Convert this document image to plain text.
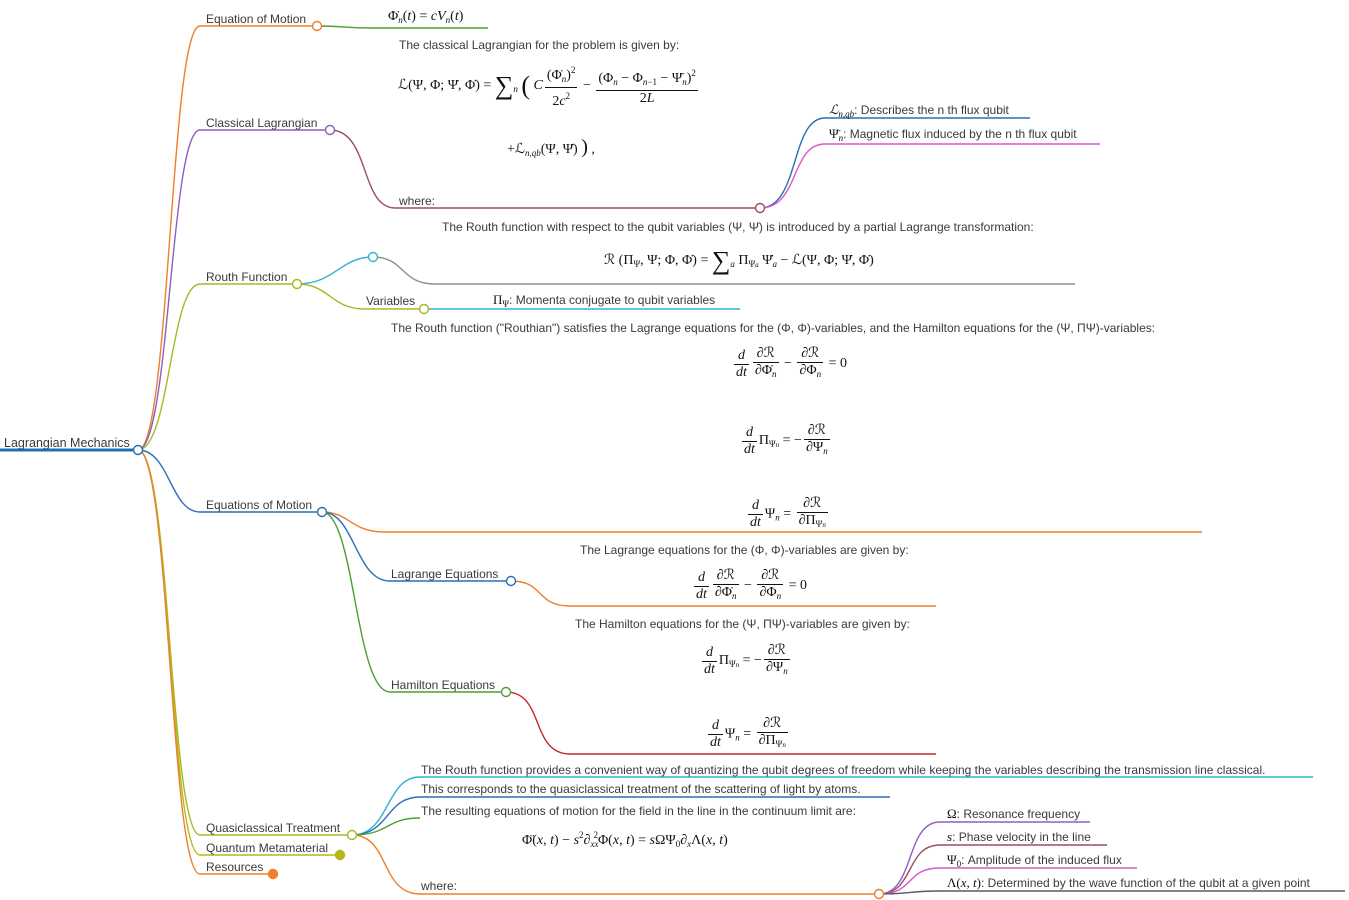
Lagrangian Mechanics
Equation of Motion	$\Phi̇_n(t) = cV_n(t)$
Classical Lagrangian
The classical Lagrangian for the problem is given by:
ℒ(Ψ, Φ; Ψ̇, Φ̇) = $\sum_n$ ( C $\frac{(\Phi̇_n)^2}{2c^2} - \frac{(\Phi_n - \Phi_{n-1} - \Psī_n)^2}{2L}$
+ℒ$_{n,qb}$(Ψ, Ψ̇) ) ,
where:
ℒ$_{n,qb}$: Describes the n th flux qubit
$\Psī_n$: Magnetic flux induced by the n th flux qubit
Routh Function
The Routh function with respect to the qubit variables (Ψ, Ψ̇) is introduced by a partial Lagrange transformation:
ℛ ($\Pi_\Psi$, Ψ; Φ, Φ̇) = $\sum_a$ $\Pi_{\Psi a}$ $\Psi̇_a$ − ℒ(Ψ, Φ; Ψ̇, Φ̇)
Variables	$\Pi_\Psi$: Momenta conjugate to qubit variables
The Routh function ("Routhian") satisfies the Lagrange equations for the (Φ, Φ)-variables, and the Hamilton equations for the (Ψ, ΠΨ)-variables:
$\frac{d}{dt} \frac{\text{∂ℛ}}{\partial\Phi̇_n} - \frac{\text{∂ℛ}}{\partial\Phi_n} = 0$
$\frac{d}{dt} \Pi_{\Psi n}$ = − $\frac{\text{∂ℛ}}{\partial\Psi_n}$
$\frac{d}{dt} \Psi_n = \frac{\text{∂ℛ}}{\partial\Pi_{\Psi n}}$
Equations of Motion
The Lagrange equations for the (Φ, Φ)-variables are given by:
Lagrange Equations	$\frac{d}{dt} \frac{\text{∂ℛ}}{\partial\Phi̇_n} - \frac{\text{∂ℛ}}{\partial\Phi_n} = 0$
The Hamilton equations for the (Ψ, ΠΨ)-variables are given by:
$\frac{d}{dt} \Pi_{\Psi n}$ = − $\frac{\text{∂ℛ}}{\partial\Psi_n}$
Hamilton Equations
$\frac{d}{dt} \Psi_n = \frac{\text{∂ℛ}}{\partial\Pi_{\Psi n}}$
Quasiclassical Treatment
The Routh function provides a convenient way of quantizing the qubit degrees of freedom while keeping the variables describing the transmission line classical.
This corresponds to the quasiclassical treatment of the scattering of light by atoms.
The resulting equations of motion for the field in the line in the continuum limit are:
Φ̈(x, $t) - s^2\partial_{xx}^2\Phi(x$, $t) = s\Omega\Psi_0\partial_x\Lambda(x$, t)
where:
Ω: Resonance frequency
s: Phase velocity in the line
$\Psi_0$: Amplitude of the induced flux
Λ(x, t): Determined by the wave function of the qubit at a given point
Quantum Metamaterial
Resources
